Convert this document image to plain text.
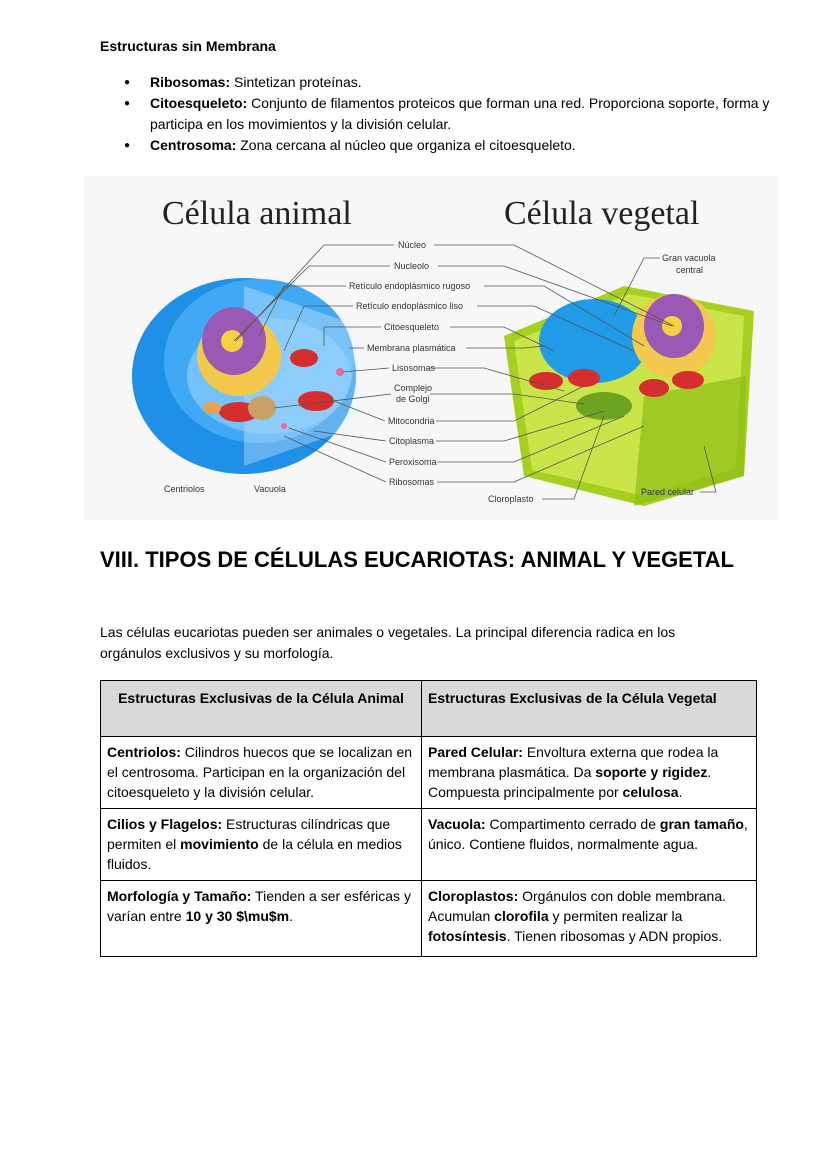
Estructuras sin Membrana
● Ribosomas: Sintetizan proteínas.
● Citoesqueleto: Conjunto de filamentos proteicos que forman una red. Proporciona soporte, forma y participa en los movimientos y la división celular.
● Centrosoma: Zona cercana al núcleo que organiza el citoesqueleto.
Célula animal	Célula vegetal
Núcleo
Nucleolo
Retículo endoplásmico rugoso
Retículo endoplásmico liso
Citoesqueleto
Membrana plasmática
Lisosomas
Complejo
de Golgi
Mitocondria
Citoplasma
Peroxisoma
Ribosomas
Centriolos	Vacuola
Cloroplasto
Pared celular
Gran vacuola
central
VIII. TIPOS DE CÉLULAS EUCARIOTAS: ANIMAL Y VEGETAL

Las células eucariotas pueden ser animales o vegetales. La principal diferencia radica en los orgánulos exclusivos y su morfología.

Estructuras Exclusivas de la Célula Animal	Estructuras Exclusivas de la Célula Vegetal
Centriolos: Cilindros huecos que se localizan en el centrosoma. Participan en la organización del citoesqueleto y la división celular.	Pared Celular: Envoltura externa que rodea la membrana plasmática. Da soporte y rigidez. Compuesta principalmente por celulosa.
Cilios y Flagelos: Estructuras cilíndricas que permiten el movimiento de la célula en medios fluidos.	Vacuola: Compartimento cerrado de gran tamaño, único. Contiene fluidos, normalmente agua.
Morfología y Tamaño: Tienden a ser esféricas y varían entre 10 y 30 $\mu$m.	Cloroplastos: Orgánulos con doble membrana. Acumulan clorofila y permiten realizar la fotosíntesis. Tienen ribosomas y ADN propios.
